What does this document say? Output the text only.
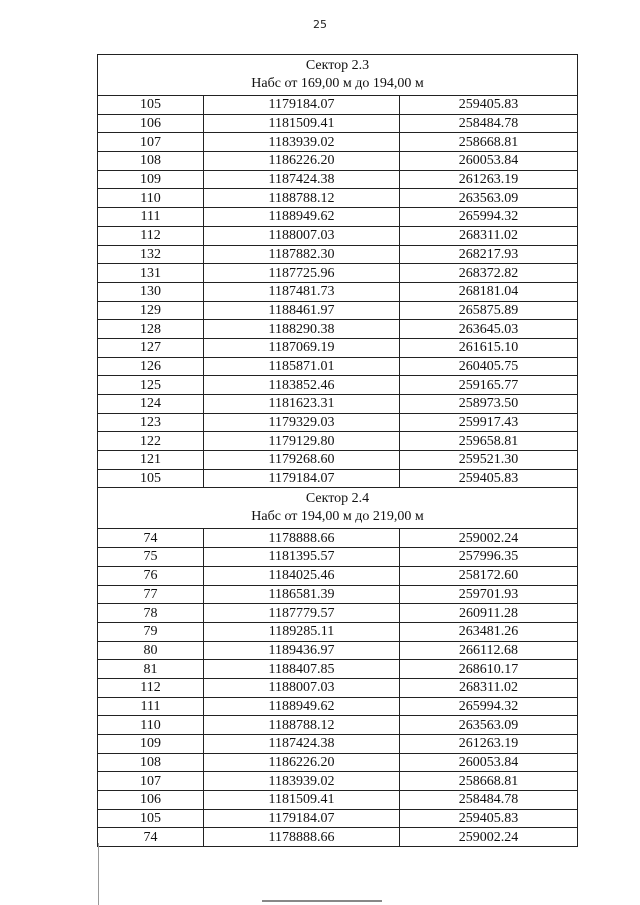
25
Сектор 2.3
Набс от 169,00 м до 194,00 м		

105	1179184.07	259405.83
106	1181509.41	258484.78
107	1183939.02	258668.81
108	1186226.20	260053.84
109	1187424.38	261263.19
110	1188788.12	263563.09
111	1188949.62	265994.32
112	1188007.03	268311.02
132	1187882.30	268217.93
131	1187725.96	268372.82
130	1187481.73	268181.04
129	1188461.97	265875.89
128	1188290.38	263645.03
127	1187069.19	261615.10
126	1185871.01	260405.75
125	1183852.46	259165.77
124	1181623.31	258973.50
123	1179329.03	259917.43
122	1179129.80	259658.81
121	1179268.60	259521.30
105	1179184.07	259405.83

Сектор 2.4
Набс от 194,00 м до 219,00 м		

74	1178888.66	259002.24
75	1181395.57	257996.35
76	1184025.46	258172.60
77	1186581.39	259701.93
78	1187779.57	260911.28
79	1189285.11	263481.26
80	1189436.97	266112.68
81	1188407.85	268610.17
112	1188007.03	268311.02
111	1188949.62	265994.32
110	1188788.12	263563.09
109	1187424.38	261263.19
108	1186226.20	260053.84
107	1183939.02	258668.81
106	1181509.41	258484.78
105	1179184.07	259405.83
74	1178888.66	259002.24
